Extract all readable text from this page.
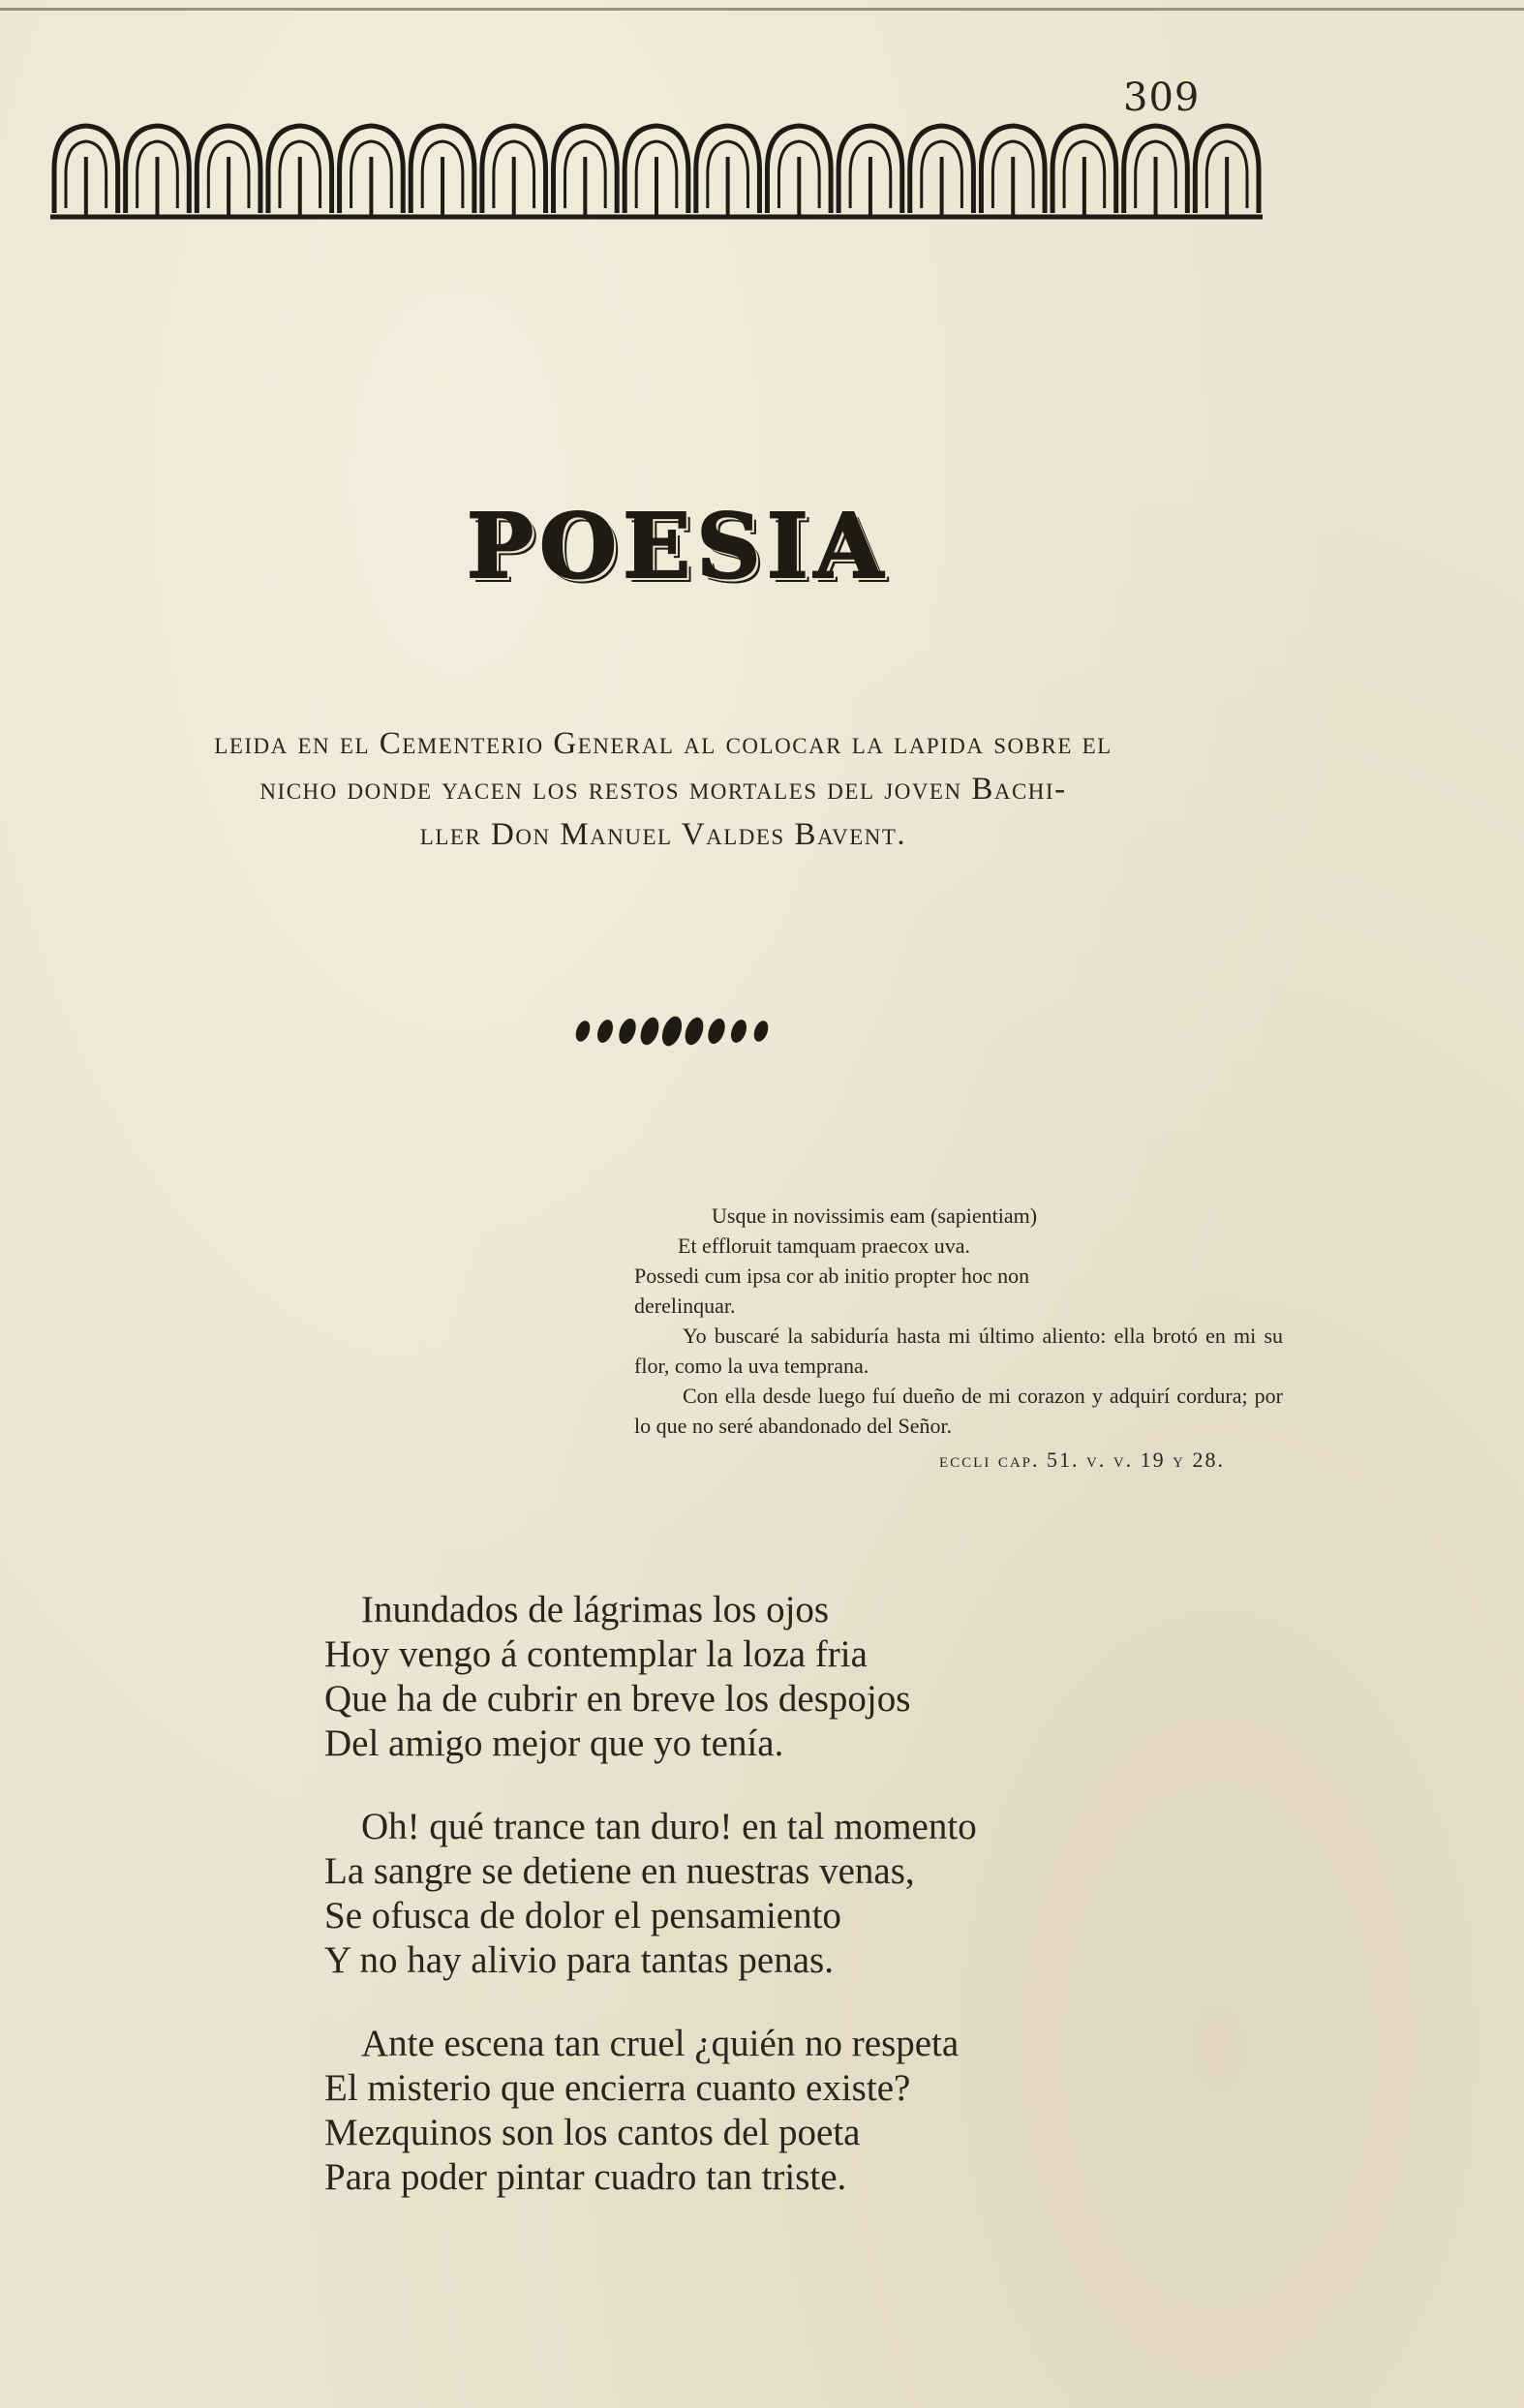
309
POESIA
leida en el Cementerio General al colocar la lapida sobre el
nicho donde yacen los restos mortales del joven Bachi-
ller Don Manuel Valdes Bavent.
Usque in novissimis eam (sapientiam)
Et effloruit tamquam praecox uva.
Possedi cum ipsa cor ab initio propter hoc non
derelinquar.
Yo buscaré la sabiduría hasta mi último aliento: ella brotó en mi su flor, como la uva temprana.
Con ella desde luego fuí dueño de mi corazon y adquirí cordura; por lo que no seré abandonado del Señor.
eccli cap. 51. v. v. 19 y 28.
Inundados de lágrimas los ojos
Hoy vengo á contemplar la loza fria
Que ha de cubrir en breve los despojos
Del amigo mejor que yo tenía.
Oh! qué trance tan duro! en tal momento
La sangre se detiene en nuestras venas,
Se ofusca de dolor el pensamiento
Y no hay alivio para tantas penas.
Ante escena tan cruel ¿quién no respeta
El misterio que encierra cuanto existe?
Mezquinos son los cantos del poeta
Para poder pintar cuadro tan triste.
